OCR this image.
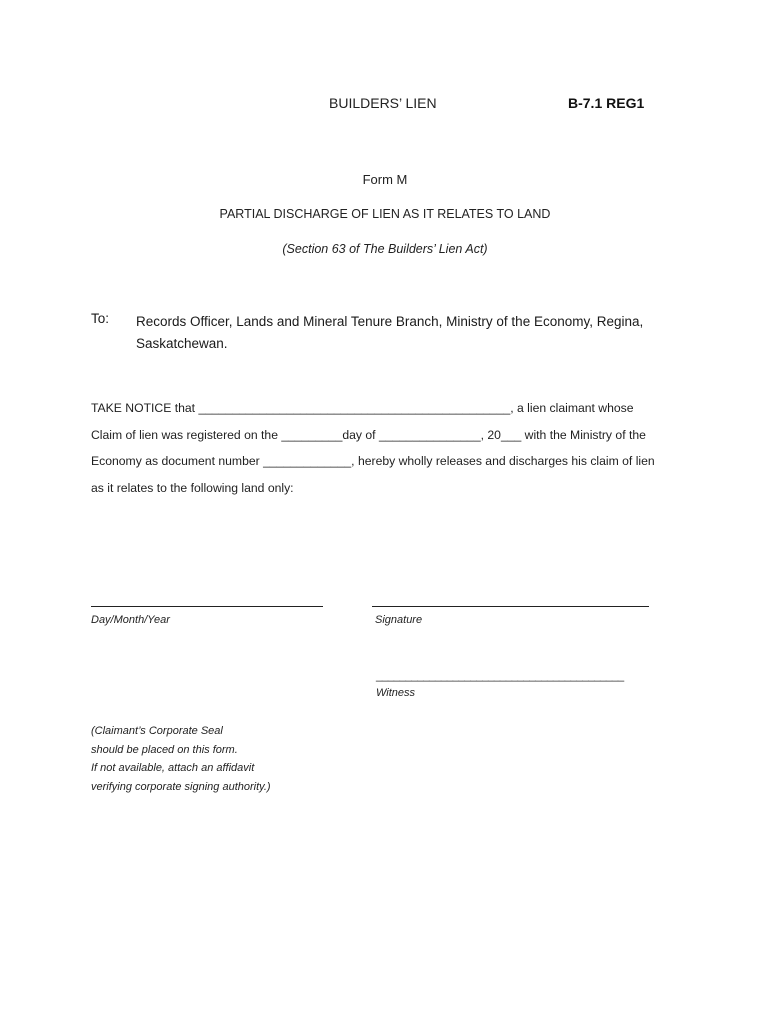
BUILDERS’ LIEN	B-7.1 REG1
Form M
PARTIAL DISCHARGE OF LIEN AS IT RELATES TO LAND
(Section 63 of The Builders’ Lien Act)
To: Records Officer, Lands and Mineral Tenure Branch, Ministry of the Economy, Regina, Saskatchewan.
TAKE NOTICE that ______________________________________________, a lien claimant whose
Claim of lien was registered on the _________day of _______________, 20___ with the Ministry of the
Economy as document number _____________, hereby wholly releases and discharges his claim of lien
as it relates to the following land only:
Day/Month/Year	Signature
__________________________________________
Witness
(Claimant’s Corporate Seal
should be placed on this form.
If not available, attach an affidavit
verifying corporate signing authority.)
